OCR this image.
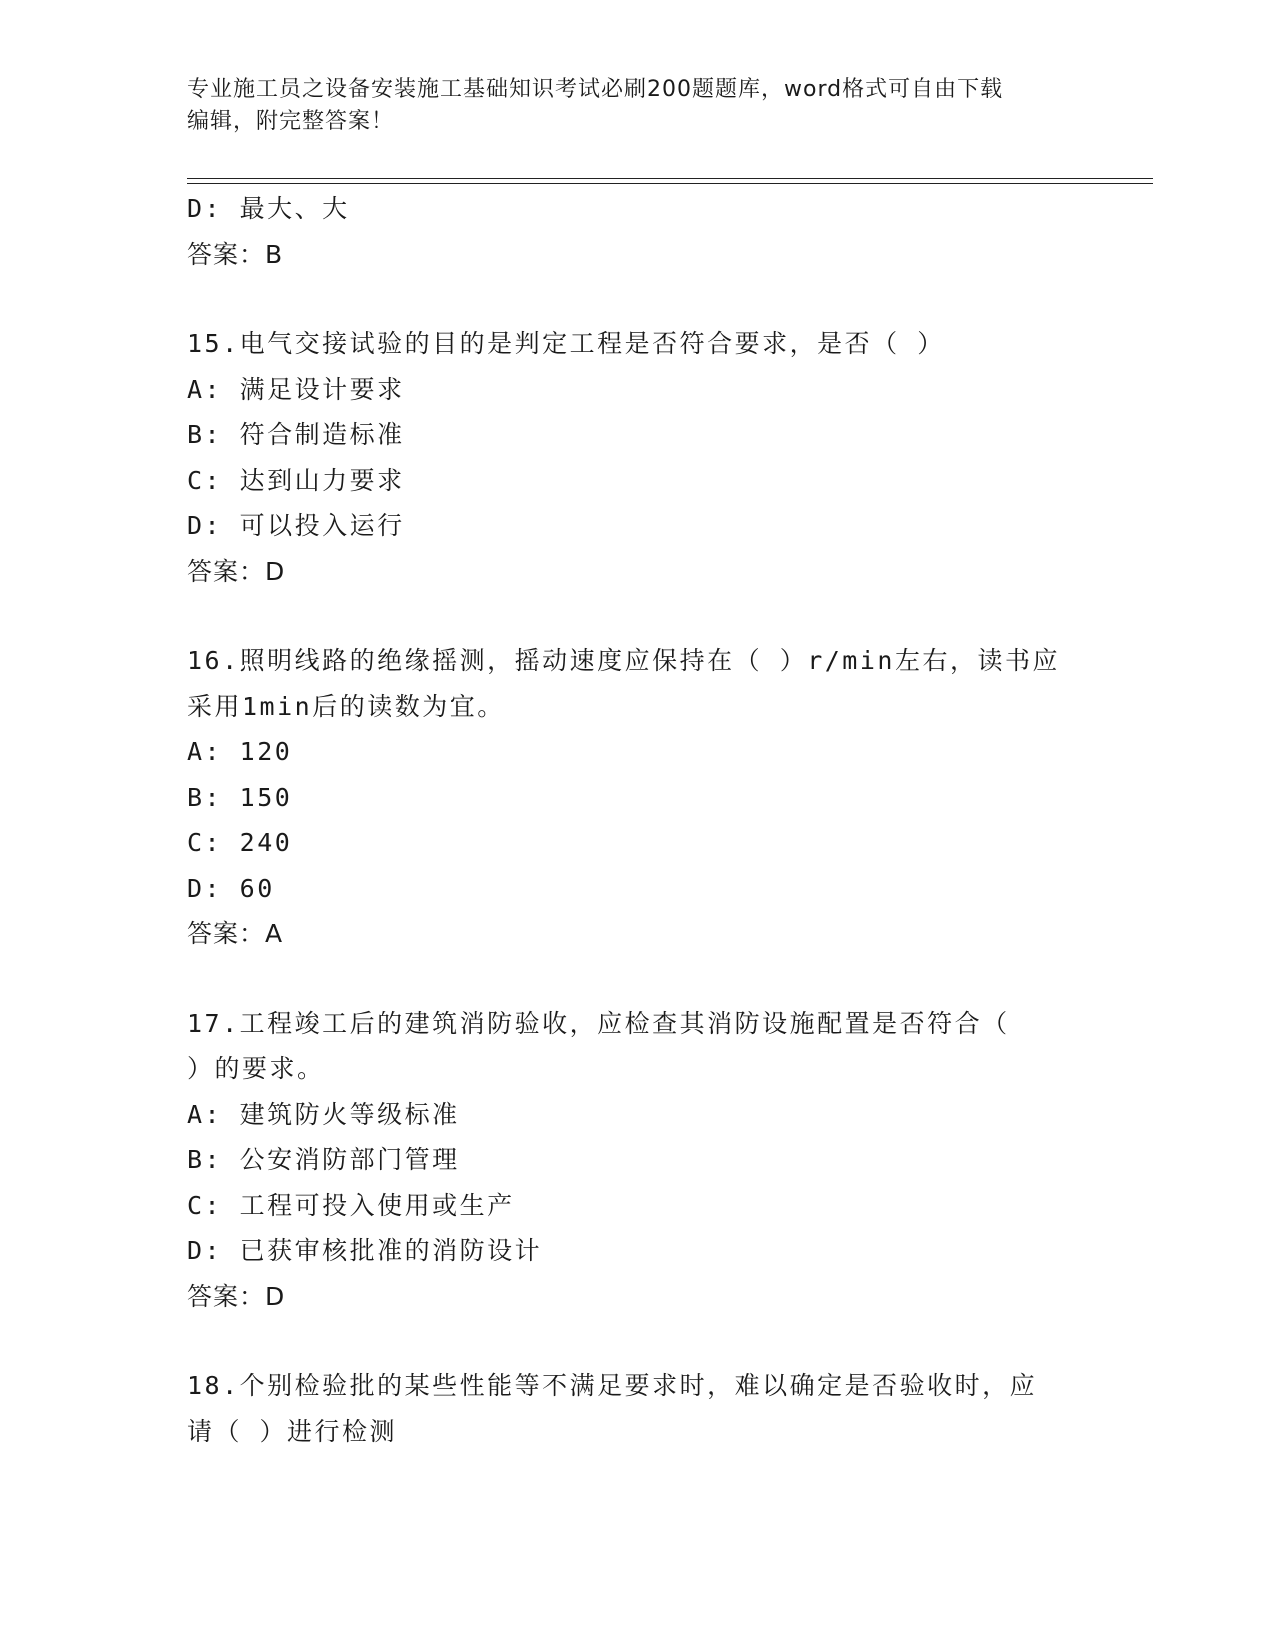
专业施工员之设备安装施工基础知识考试必刷200题题库，word格式可自由下载
编辑，附完整答案！
D: 最大、大
答案：B
15.电气交接试验的目的是判定工程是否符合要求，是否（ ）
A: 满足设计要求
B: 符合制造标准
C: 达到山力要求
D: 可以投入运行
答案：D
16.照明线路的绝缘摇测，摇动速度应保持在（ ）r/min左右，读书应
采用1min后的读数为宜。
A: 120
B: 150
C: 240
D: 60
答案：A
17.工程竣工后的建筑消防验收，应检查其消防设施配置是否符合（
）的要求。
A: 建筑防火等级标准
B: 公安消防部门管理
C: 工程可投入使用或生产
D: 已获审核批准的消防设计
答案：D
18.个别检验批的某些性能等不满足要求时，难以确定是否验收时，应
请（ ）进行检测
